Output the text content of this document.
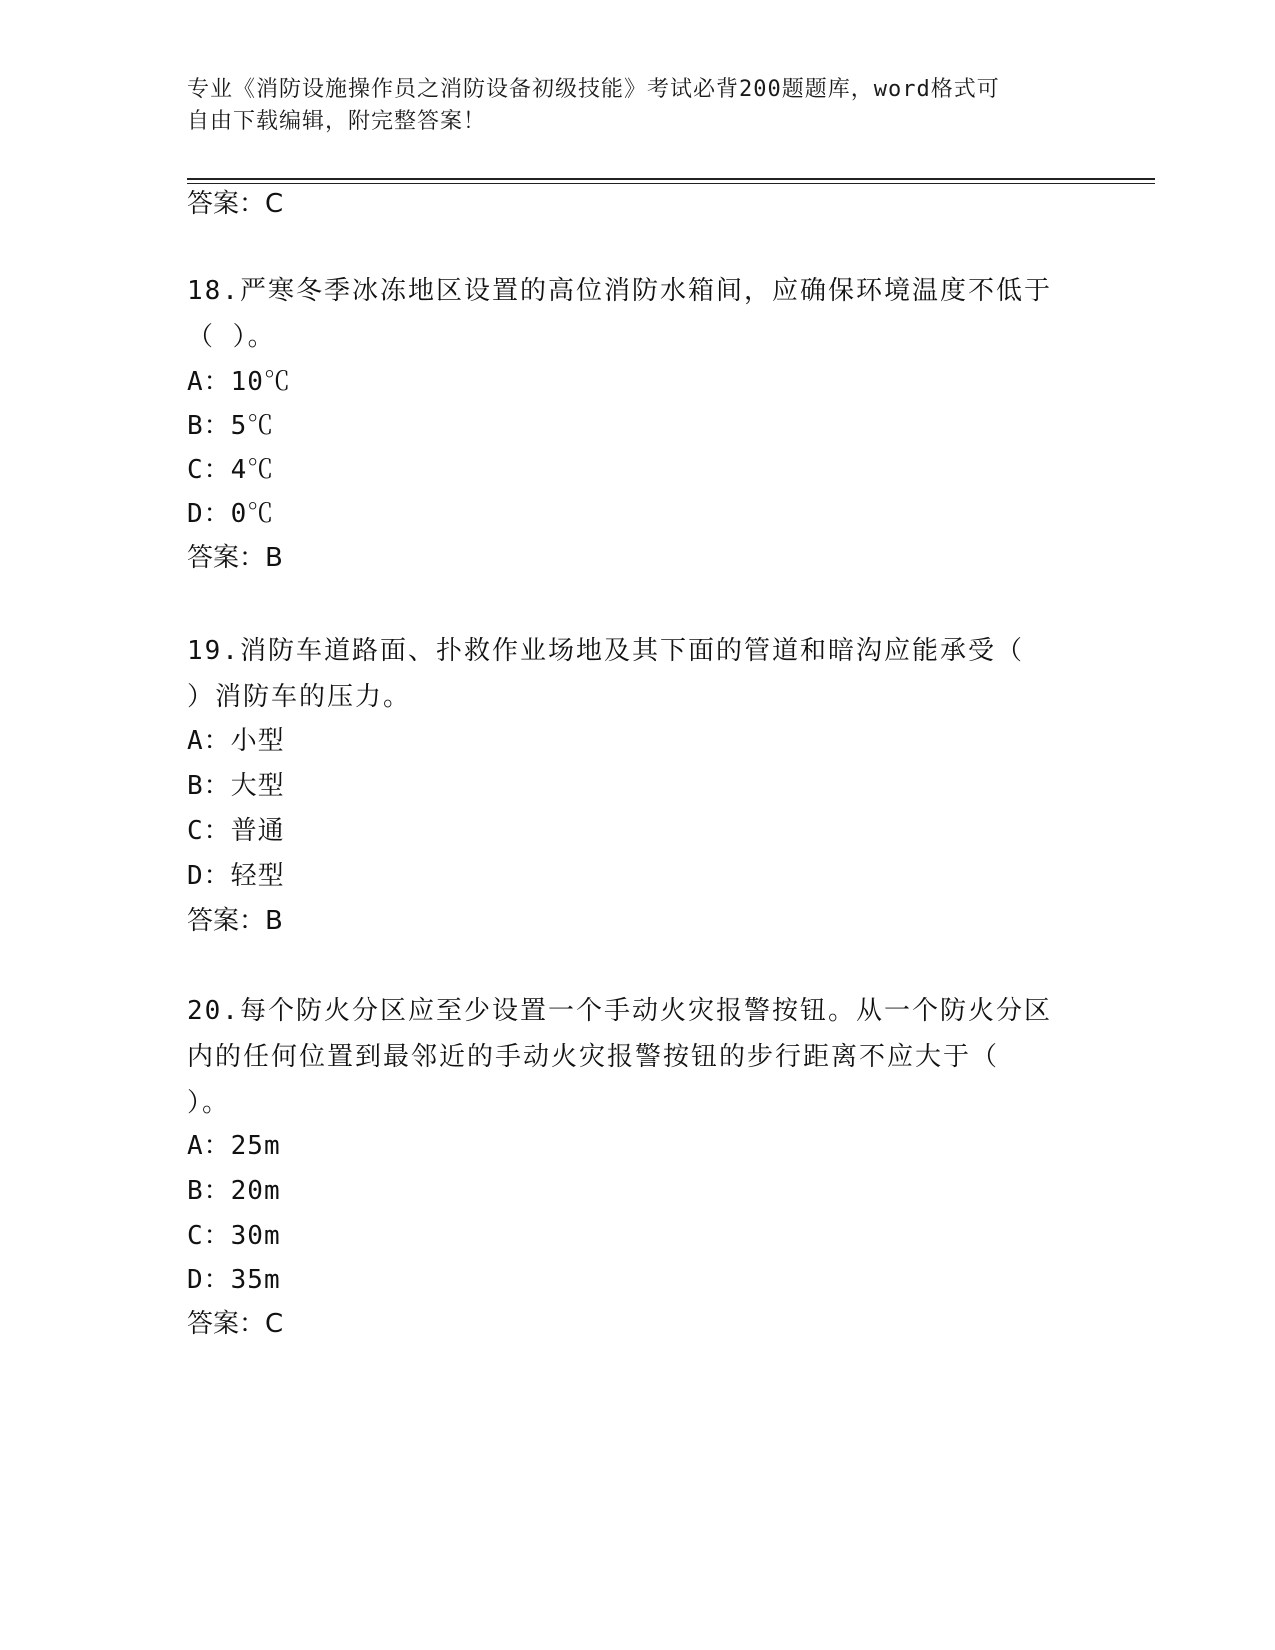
专业《消防设施操作员之消防设备初级技能》考试必背200题题库，word格式可
自由下载编辑，附完整答案！
答案：C
18.严寒冬季冰冻地区设置的高位消防水箱间，应确保环境温度不低于
（ ）。
A：10℃
B：5℃
C：4℃
D：0℃
答案：B
19.消防车道路面、扑救作业场地及其下面的管道和暗沟应能承受（
）消防车的压力。
A：小型
B：大型
C：普通
D：轻型
答案：B
20.每个防火分区应至少设置一个手动火灾报警按钮。从一个防火分区
内的任何位置到最邻近的手动火灾报警按钮的步行距离不应大于（
）。
A：25m
B：20m
C：30m
D：35m
答案：C
